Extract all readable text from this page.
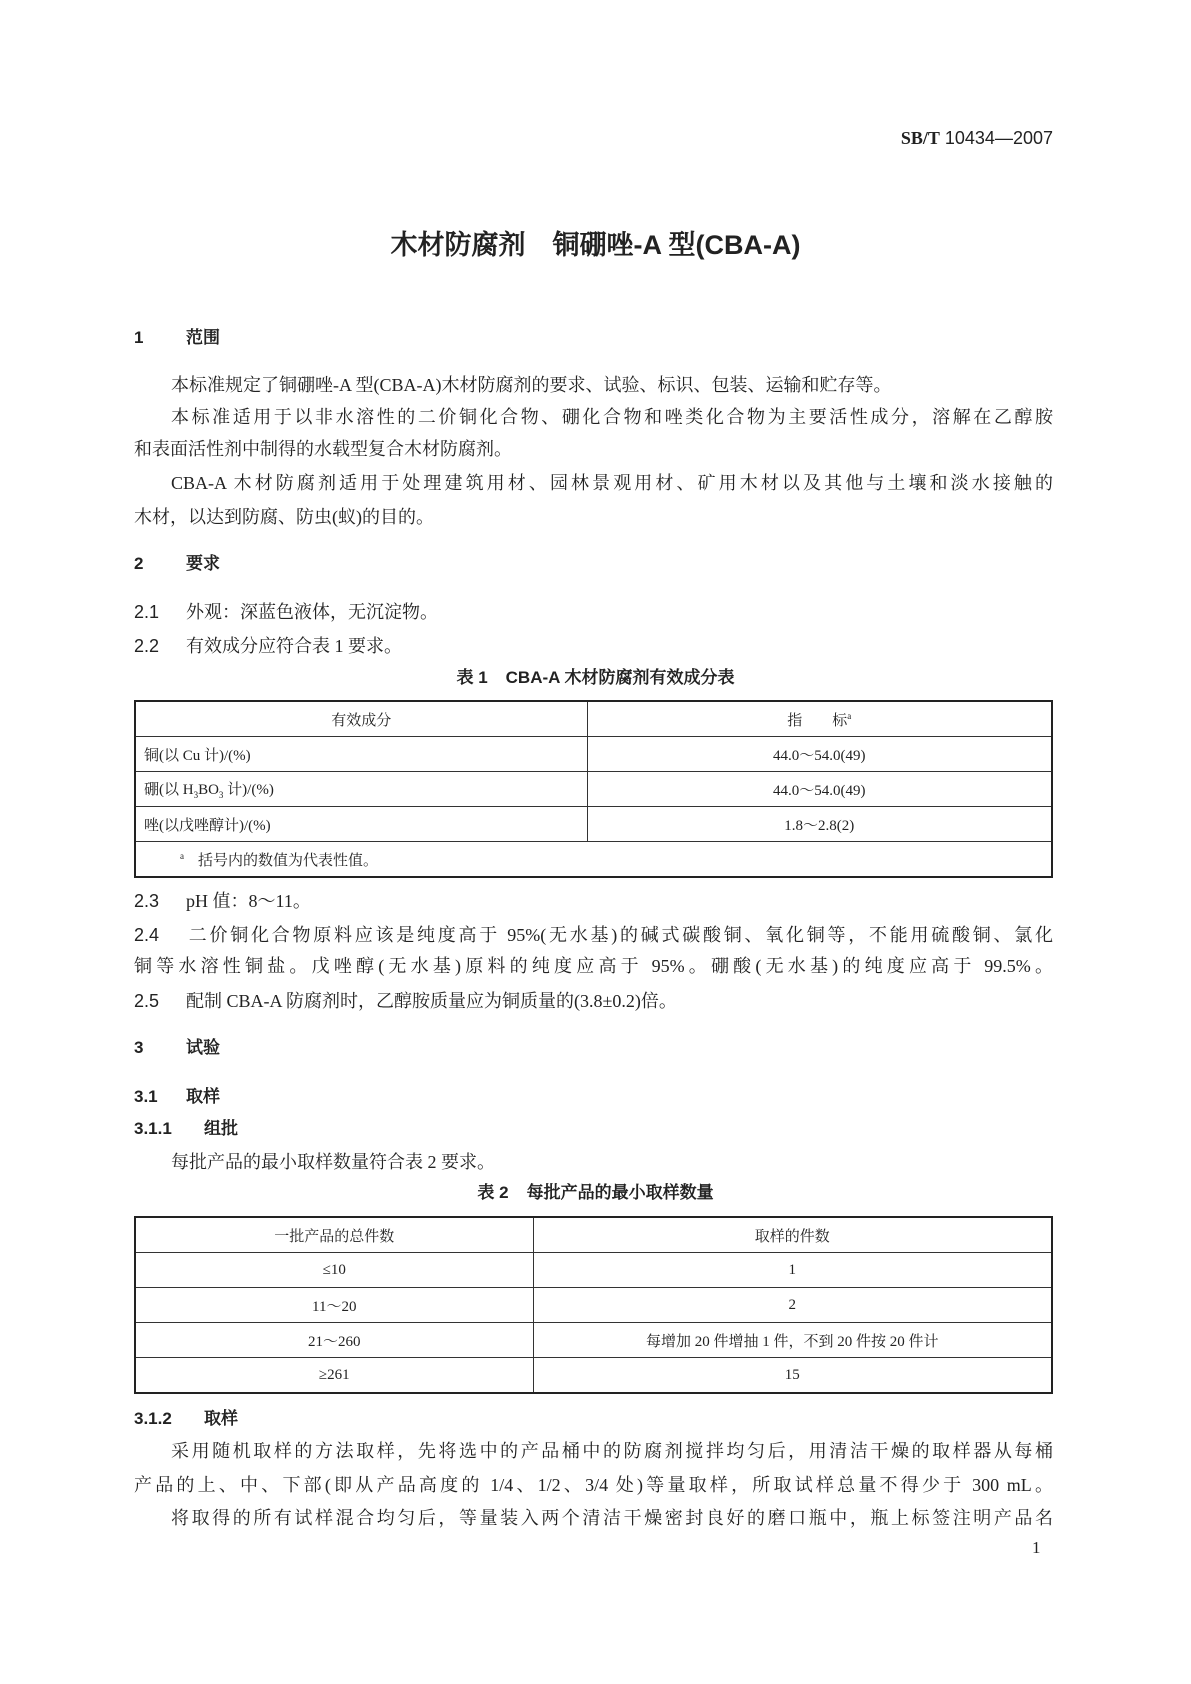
SB/T 10434—2007
木材防腐剂　铜硼唑-A 型(CBA-A)
1	范围
本标准规定了铜硼唑-A 型(CBA-A)木材防腐剂的要求、试验、标识、包装、运输和贮存等。
本标准适用于以非水溶性的二价铜化合物、硼化合物和唑类化合物为主要活性成分，溶解在乙醇胺
和表面活性剂中制得的水载型复合木材防腐剂。
CBA-A 木材防腐剂适用于处理建筑用材、园林景观用材、矿用木材以及其他与土壤和淡水接触的
木材，以达到防腐、防虫(蚁)的目的。
2	要求
2.1 外观：深蓝色液体，无沉淀物。
2.2 有效成分应符合表 1 要求。
表 1 CBA-A 木材防腐剂有效成分表
有效成分	指　　标$^a$
铜(以 Cu 计)/(%)	44.0～54.0(49)
硼(以 $H_3BO_3$ 计)/(%)	44.0～54.0(49)
唑(以戊唑醇计)/(%)	1.8～2.8(2)
$^a$ 括号内的数值为代表性值。	
2.3 pH 值：8～11。
2.4 二价铜化合物原料应该是纯度高于 95%(无水基)的碱式碳酸铜、氧化铜等，不能用硫酸铜、氯化
铜等水溶性铜盐。戊唑醇(无水基)原料的纯度应高于 95%。硼酸(无水基)的纯度应高于 99.5%。
2.5 配制 CBA-A 防腐剂时，乙醇胺质量应为铜质量的(3.8±0.2)倍。
3	试验
3.1 取样
3.1.1 组批
每批产品的最小取样数量符合表 2 要求。
表 2 每批产品的最小取样数量
一批产品的总件数	取样的件数
≤10	1
11～20	2
21～260	每增加 20 件增抽 1 件，不到 20 件按 20 件计
≥261	15
3.1.2 取样
采用随机取样的方法取样，先将选中的产品桶中的防腐剂搅拌均匀后，用清洁干燥的取样器从每桶
产品的上、中、下部(即从产品高度的 1/4、1/2、3/4 处)等量取样，所取试样总量不得少于 300 mL。
将取得的所有试样混合均匀后，等量装入两个清洁干燥密封良好的磨口瓶中，瓶上标签注明产品名
1
